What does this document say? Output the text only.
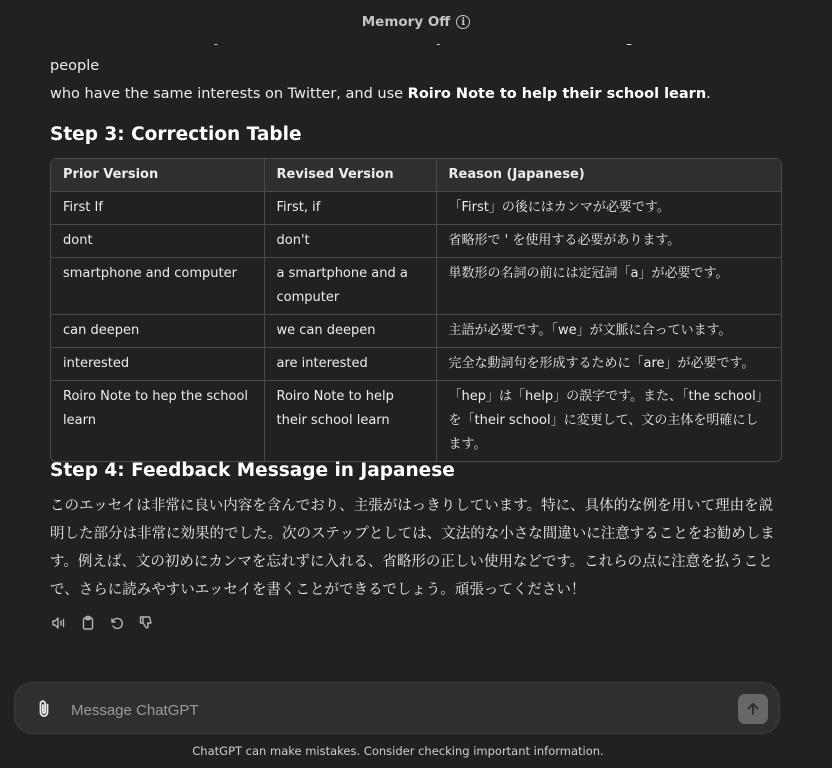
people
who have the same interests on Twitter, and use Roiro Note to help their school learn.

Step 3: Correction Table
Prior Version	Revised Version	Reason (Japanese)
First If	First, if	「First」の後にはカンマが必要です。
dont	don't	省略形で ' を使用する必要があります。
smartphone and computer	a smartphone and a computer	単数形の名詞の前には定冠詞「a」が必要です。
can deepen	we can deepen	主語が必要です。「we」が文脈に合っています。
interested	are interested	完全な動詞句を形成するために「are」が必要です。
Roiro Note to hep the school learn	Roiro Note to help their school learn	「hep」は「help」の誤字です。また、「the school」を「their school」に変更して、文の主体を明確にします。
Step 4: Feedback Message in Japanese

このエッセイは非常に良い内容を含んでおり、主張がはっきりしています。特に、具体的な例を用いて理由を説明した部分は非常に効果的でした。次のステップとしては、文法的な小さな間違いに注意することをお勧めします。例えば、文の初めにカンマを忘れずに入れる、省略形の正しい使用などです。これらの点に注意を払うことで、さらに読みやすいエッセイを書くことができるでしょう。頑張ってください！

Memory Off	i
Message ChatGPT
ChatGPT can make mistakes. Consider checking important information.
